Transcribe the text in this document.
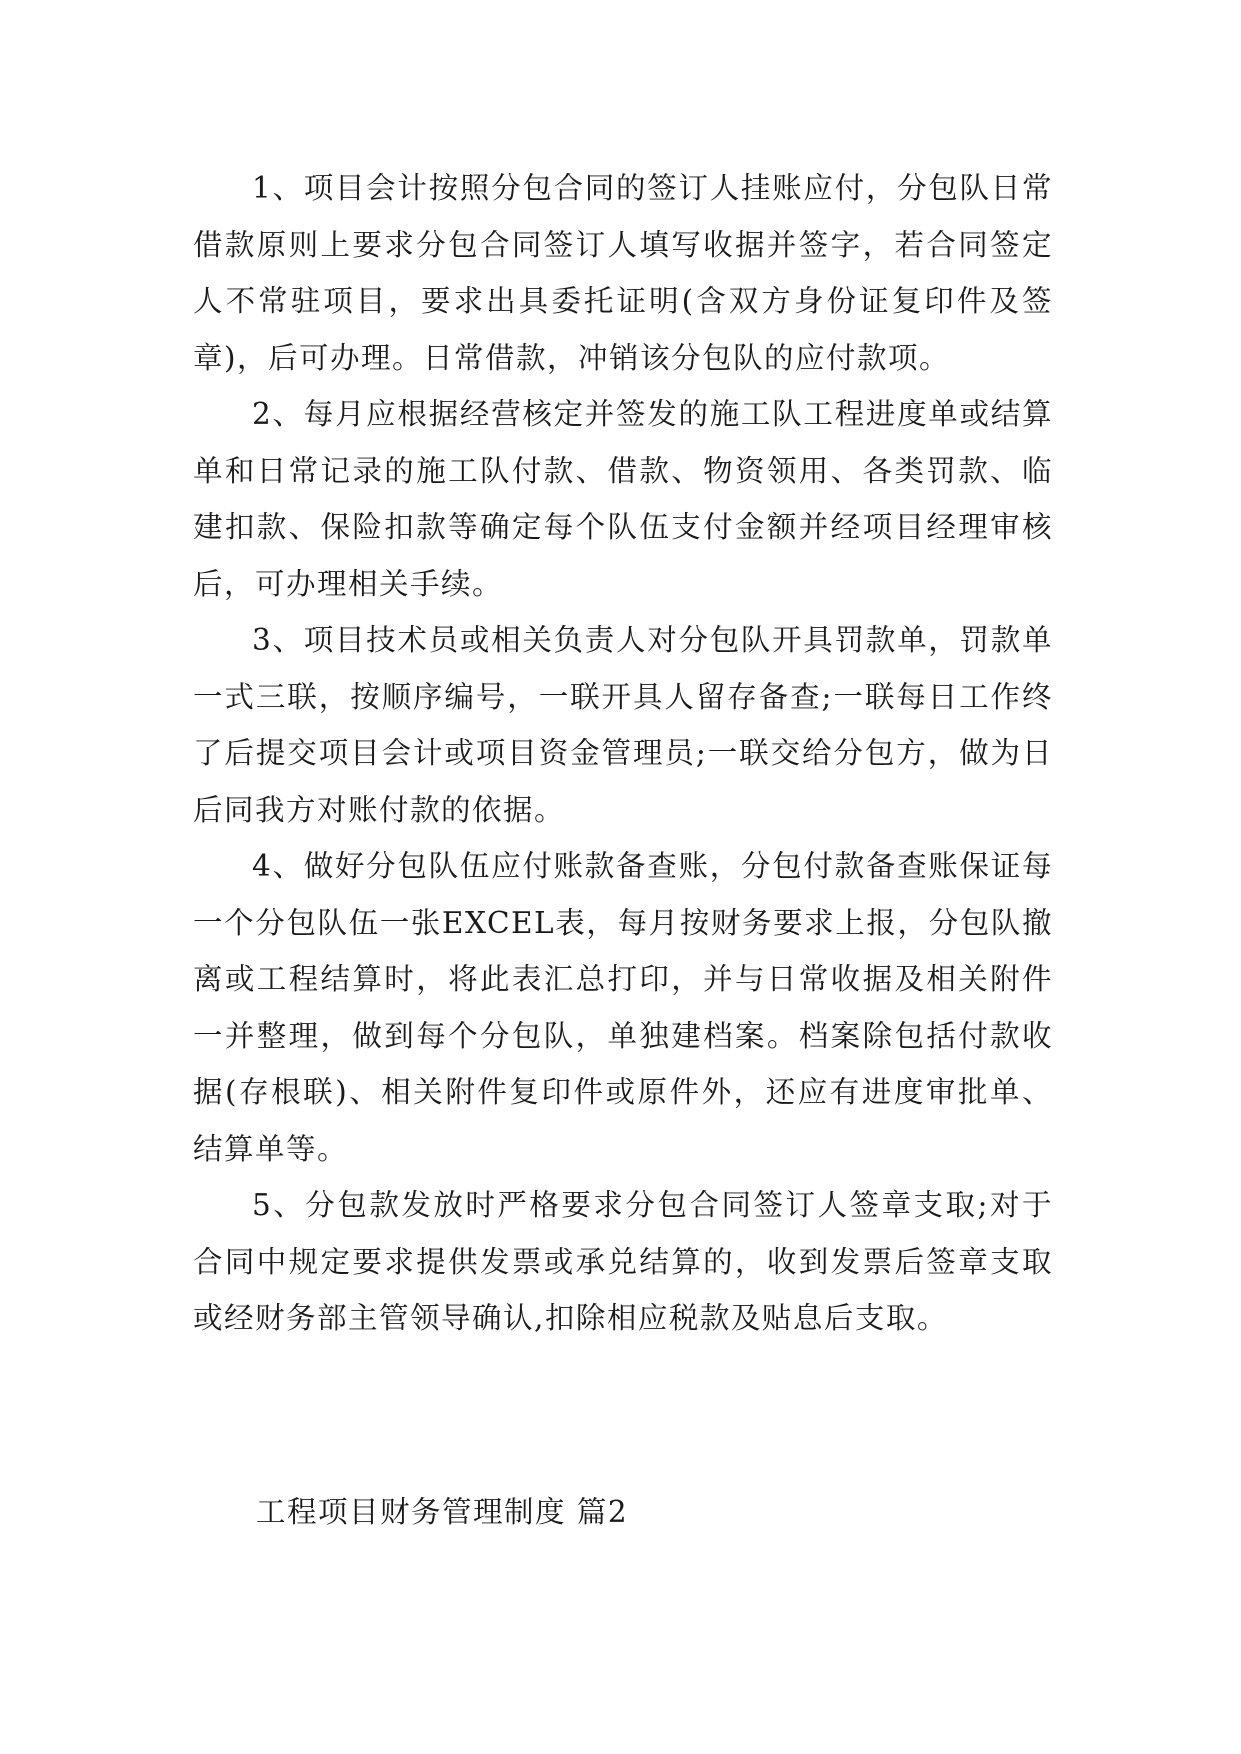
1、项目会计按照分包合同的签订人挂账应付，分包队日常借款原则上要求分包合同签订人填写收据并签字，若合同签定人不常驻项目，要求出具委托证明(含双方身份证复印件及签章)，后可办理。日常借款，冲销该分包队的应付款项。

2、每月应根据经营核定并签发的施工队工程进度单或结算单和日常记录的施工队付款、借款、物资领用、各类罚款、临建扣款、保险扣款等确定每个队伍支付金额并经项目经理审核后，可办理相关手续。

3、项目技术员或相关负责人对分包队开具罚款单，罚款单一式三联，按顺序编号，一联开具人留存备查;一联每日工作终了后提交项目会计或项目资金管理员;一联交给分包方，做为日后同我方对账付款的依据。

4、做好分包队伍应付账款备查账，分包付款备查账保证每一个分包队伍一张EXCEL表，每月按财务要求上报，分包队撤离或工程结算时，将此表汇总打印，并与日常收据及相关附件一并整理，做到每个分包队，单独建档案。档案除包括付款收据(存根联)、相关附件复印件或原件外，还应有进度审批单、结算单等。

5、分包款发放时严格要求分包合同签订人签章支取;对于合同中规定要求提供发票或承兑结算的，收到发票后签章支取或经财务部主管领导确认,扣除相应税款及贴息后支取。

工程项目财务管理制度 篇2
